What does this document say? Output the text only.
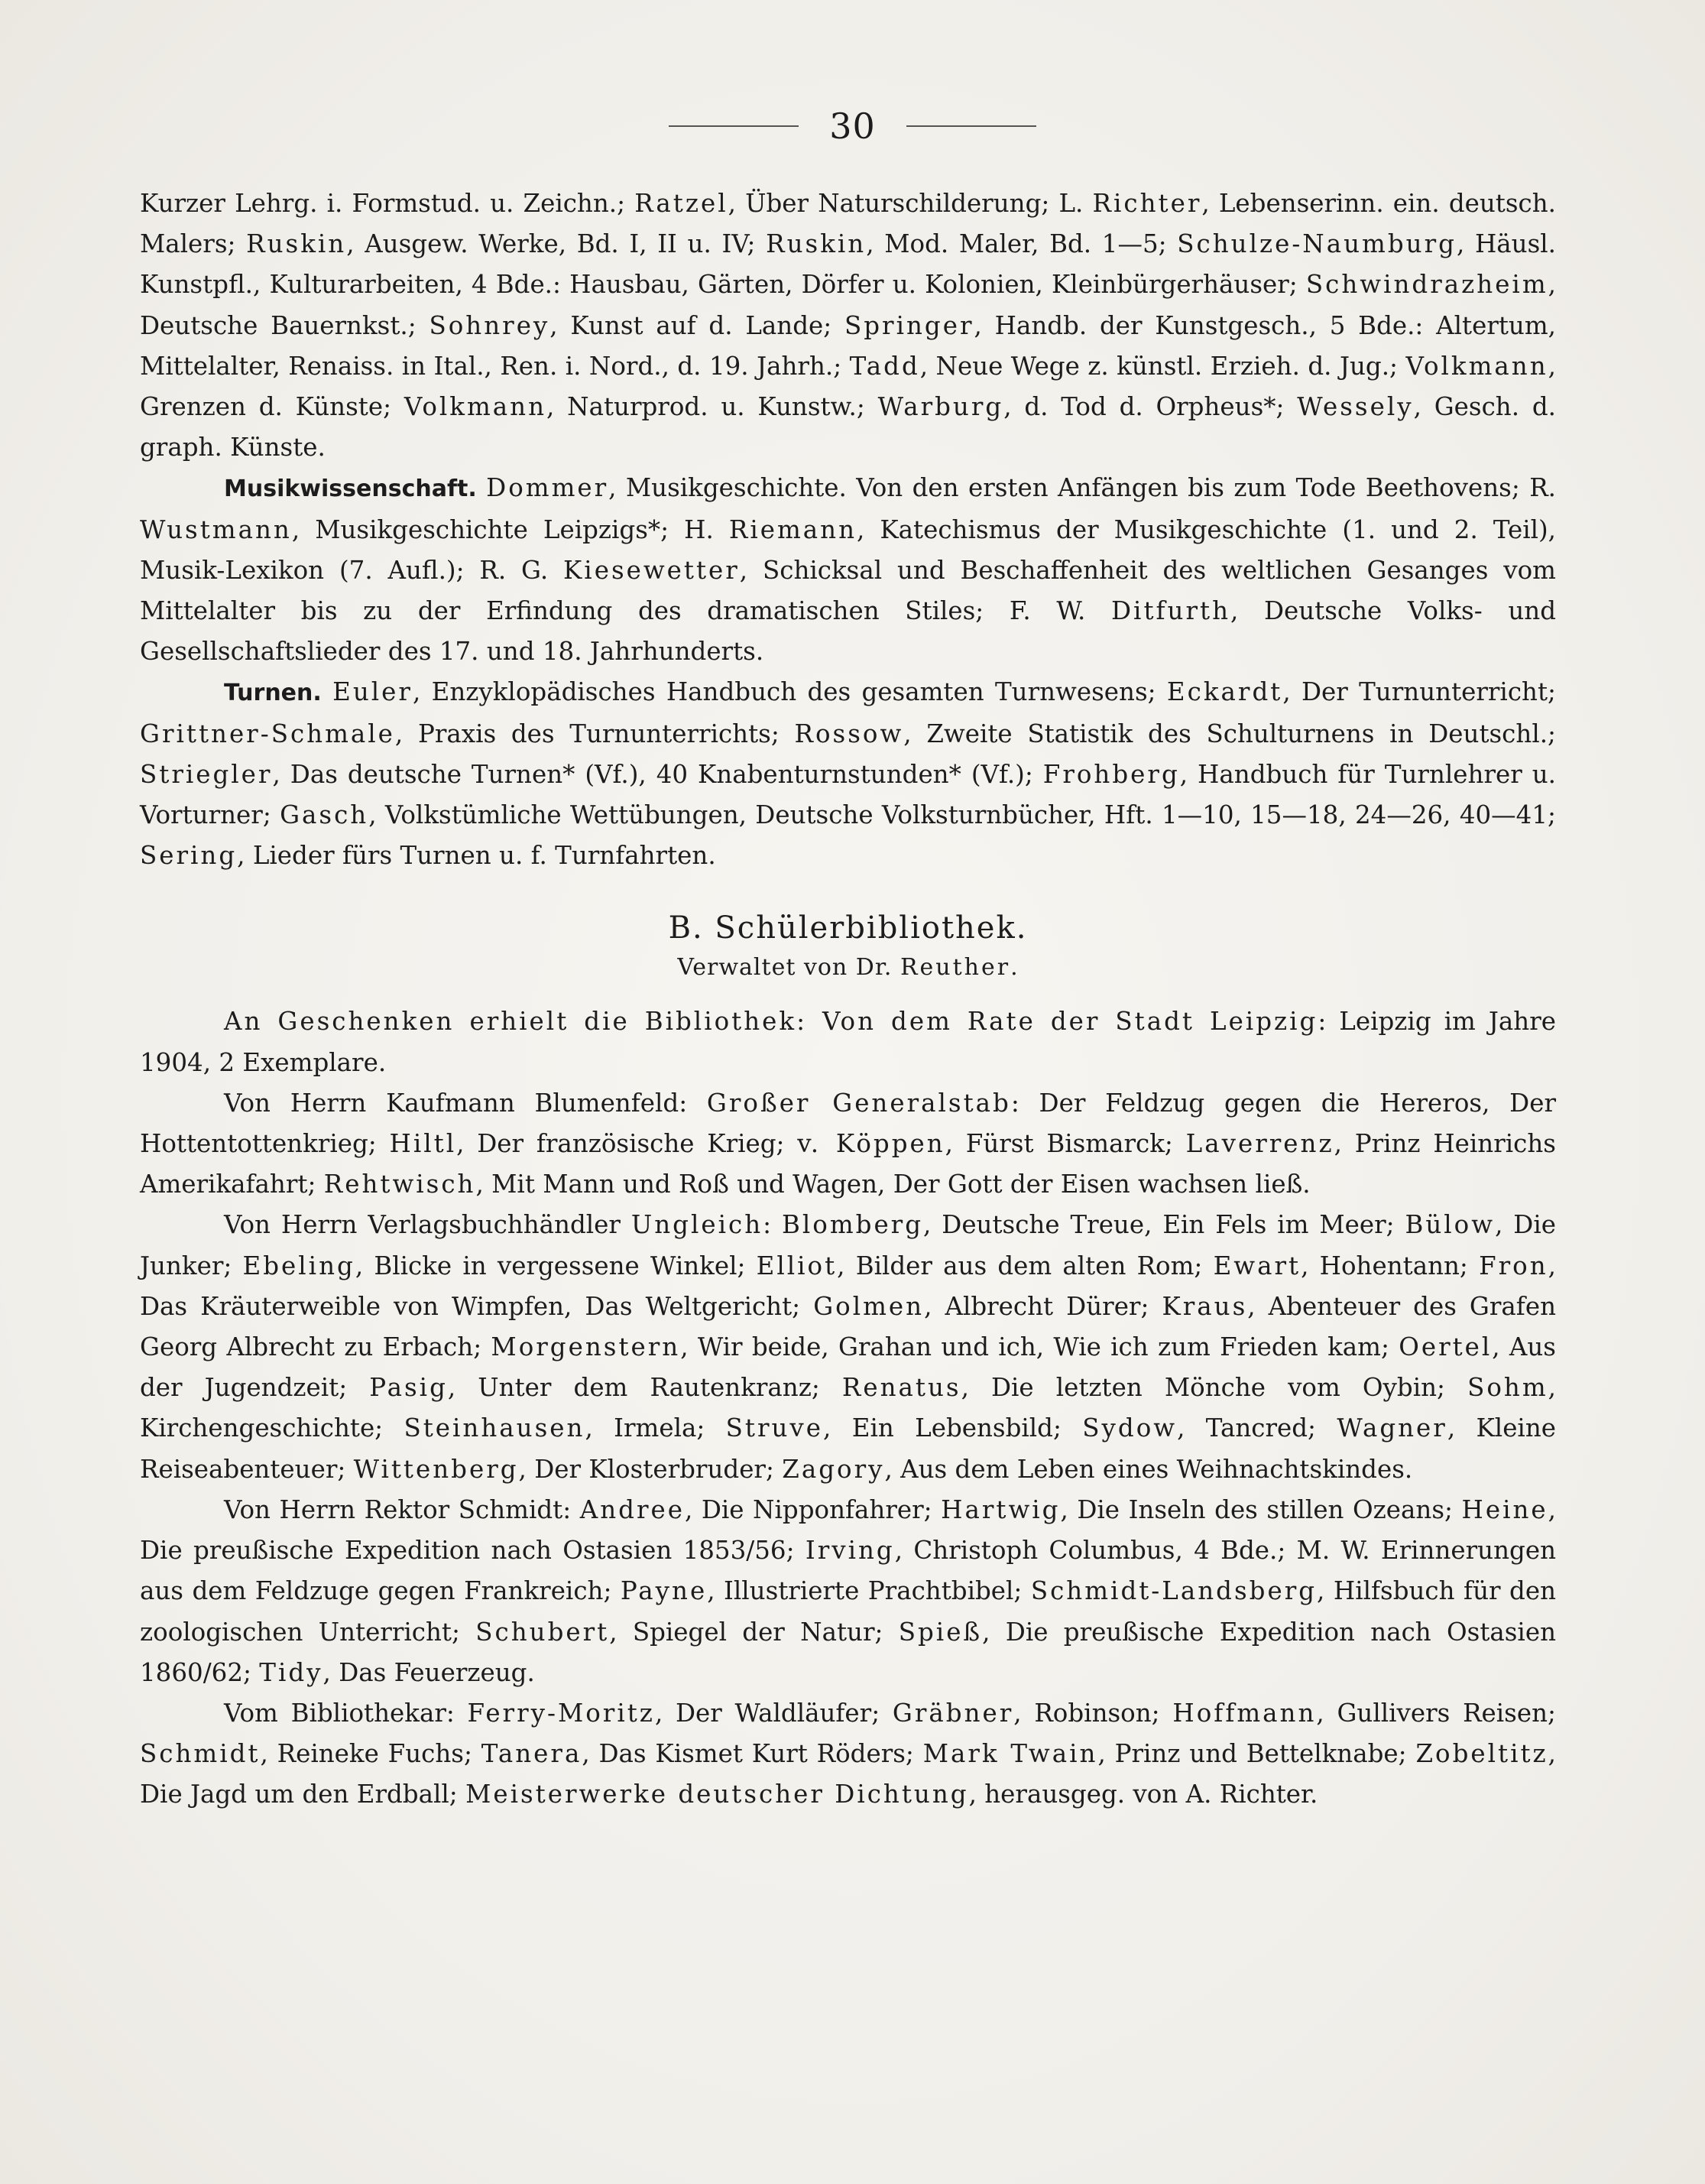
30

Kurzer Lehrg. i. Formstud. u. Zeichn.; Ratzel, Über Naturschilderung; L. Richter, Lebenserinn. ein. deutsch. Malers; Ruskin, Ausgew. Werke, Bd. I, II u. IV; Ruskin, Mod. Maler, Bd. 1—5; Schulze-Naumburg, Häusl. Kunstpfl., Kulturarbeiten, 4 Bde.: Hausbau, Gärten, Dörfer u. Kolonien, Kleinbürgerhäuser; Schwindrazheim, Deutsche Bauernkst.; Sohnrey, Kunst auf d. Lande; Springer, Handb. der Kunstgesch., 5 Bde.: Altertum, Mittelalter, Renaiss. in Ital., Ren. i. Nord., d. 19. Jahrh.; Tadd, Neue Wege z. künstl. Erzieh. d. Jug.; Volkmann, Grenzen d. Künste; Volkmann, Naturprod. u. Kunstw.; Warburg, d. Tod d. Orpheus*; Wessely, Gesch. d. graph. Künste.

Musikwissenschaft. Dommer, Musikgeschichte. Von den ersten Anfängen bis zum Tode Beethovens; R. Wustmann, Musikgeschichte Leipzigs*; H. Riemann, Katechismus der Musikgeschichte (1. und 2. Teil), Musik-Lexikon (7. Aufl.); R. G. Kiesewetter, Schicksal und Beschaffenheit des weltlichen Gesanges vom Mittelalter bis zu der Erfindung des dramatischen Stiles; F. W. Ditfurth, Deutsche Volks- und Gesellschaftslieder des 17. und 18. Jahrhunderts.

Turnen. Euler, Enzyklopädisches Handbuch des gesamten Turnwesens; Eckardt, Der Turnunterricht; Grittner-Schmale, Praxis des Turnunterrichts; Rossow, Zweite Statistik des Schulturnens in Deutschl.; Striegler, Das deutsche Turnen* (Vf.), 40 Knabenturnstunden* (Vf.); Frohberg, Handbuch für Turnlehrer u. Vorturner; Gasch, Volkstümliche Wettübungen, Deutsche Volksturnbücher, Hft. 1—10, 15—18, 24—26, 40—41; Sering, Lieder fürs Turnen u. f. Turnfahrten.

B. Schülerbibliothek.

Verwaltet von Dr. Reuther.

An Geschenken erhielt die Bibliothek: Von dem Rate der Stadt Leipzig: Leipzig im Jahre 1904, 2 Exemplare.

Von Herrn Kaufmann Blumenfeld: Großer Generalstab: Der Feldzug gegen die Hereros, Der Hottentottenkrieg; Hiltl, Der französische Krieg; v. Köppen, Fürst Bismarck; Laverrenz, Prinz Heinrichs Amerikafahrt; Rehtwisch, Mit Mann und Roß und Wagen, Der Gott der Eisen wachsen ließ.

Von Herrn Verlagsbuchhändler Ungleich: Blomberg, Deutsche Treue, Ein Fels im Meer; Bülow, Die Junker; Ebeling, Blicke in vergessene Winkel; Elliot, Bilder aus dem alten Rom; Ewart, Hohentann; Fron, Das Kräuterweible von Wimpfen, Das Weltgericht; Golmen, Albrecht Dürer; Kraus, Abenteuer des Grafen Georg Albrecht zu Erbach; Morgenstern, Wir beide, Grahan und ich, Wie ich zum Frieden kam; Oertel, Aus der Jugendzeit; Pasig, Unter dem Rautenkranz; Renatus, Die letzten Mönche vom Oybin; Sohm, Kirchengeschichte; Steinhausen, Irmela; Struve, Ein Lebensbild; Sydow, Tancred; Wagner, Kleine Reiseabenteuer; Wittenberg, Der Klosterbruder; Zagory, Aus dem Leben eines Weihnachtskindes.

Von Herrn Rektor Schmidt: Andree, Die Nipponfahrer; Hartwig, Die Inseln des stillen Ozeans; Heine, Die preußische Expedition nach Ostasien 1853/56; Irving, Christoph Columbus, 4 Bde.; M. W. Erinnerungen aus dem Feldzuge gegen Frankreich; Payne, Illustrierte Prachtbibel; Schmidt-Landsberg, Hilfsbuch für den zoologischen Unterricht; Schubert, Spiegel der Natur; Spieß, Die preußische Expedition nach Ostasien 1860/62; Tidy, Das Feuerzeug.

Vom Bibliothekar: Ferry-Moritz, Der Waldläufer; Gräbner, Robinson; Hoffmann, Gullivers Reisen; Schmidt, Reineke Fuchs; Tanera, Das Kismet Kurt Röders; Mark Twain, Prinz und Bettelknabe; Zobeltitz, Die Jagd um den Erdball; Meisterwerke deutscher Dichtung, herausgeg. von A. Richter.
